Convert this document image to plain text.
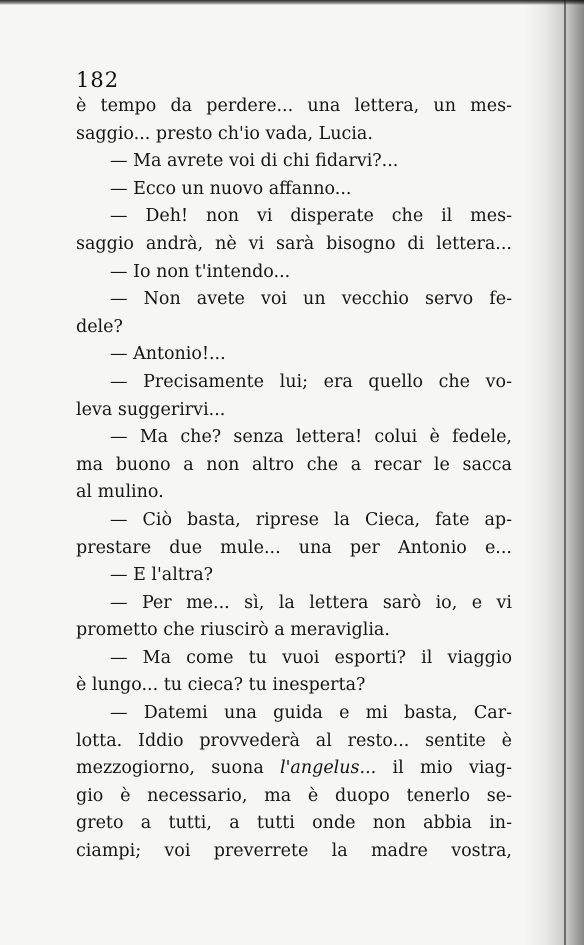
182
è tempo da perdere... una lettera, un mes-
saggio... presto ch'io vada, Lucia.
— Ma avrete voi di chi fidarvi?...
— Ecco un nuovo affanno...
— Deh! non vi disperate che il mes-
saggio andrà, nè vi sarà bisogno di lettera...
— Io non t'intendo...
— Non avete voi un vecchio servo fe-
dele?
— Antonio!...
— Precisamente lui; era quello che vo-
leva suggerirvi...
— Ma che? senza lettera! colui è fedele,
ma buono a non altro che a recar le sacca
al mulino.
— Ciò basta, riprese la Cieca, fate ap-
prestare due mule... una per Antonio e...
— E l'altra?
— Per me... sì, la lettera sarò io, e vi
prometto che riuscirò a meraviglia.
— Ma come tu vuoi esporti? il viaggio
è lungo... tu cieca? tu inesperta?
— Datemi una guida e mi basta, Car-
lotta. Iddio provvederà al resto... sentite è
mezzogiorno, suona l'angelus... il mio viag-
gio è necessario, ma è duopo tenerlo se-
greto a tutti, a tutti onde non abbia in-
ciampi; voi preverrete la madre vostra,
